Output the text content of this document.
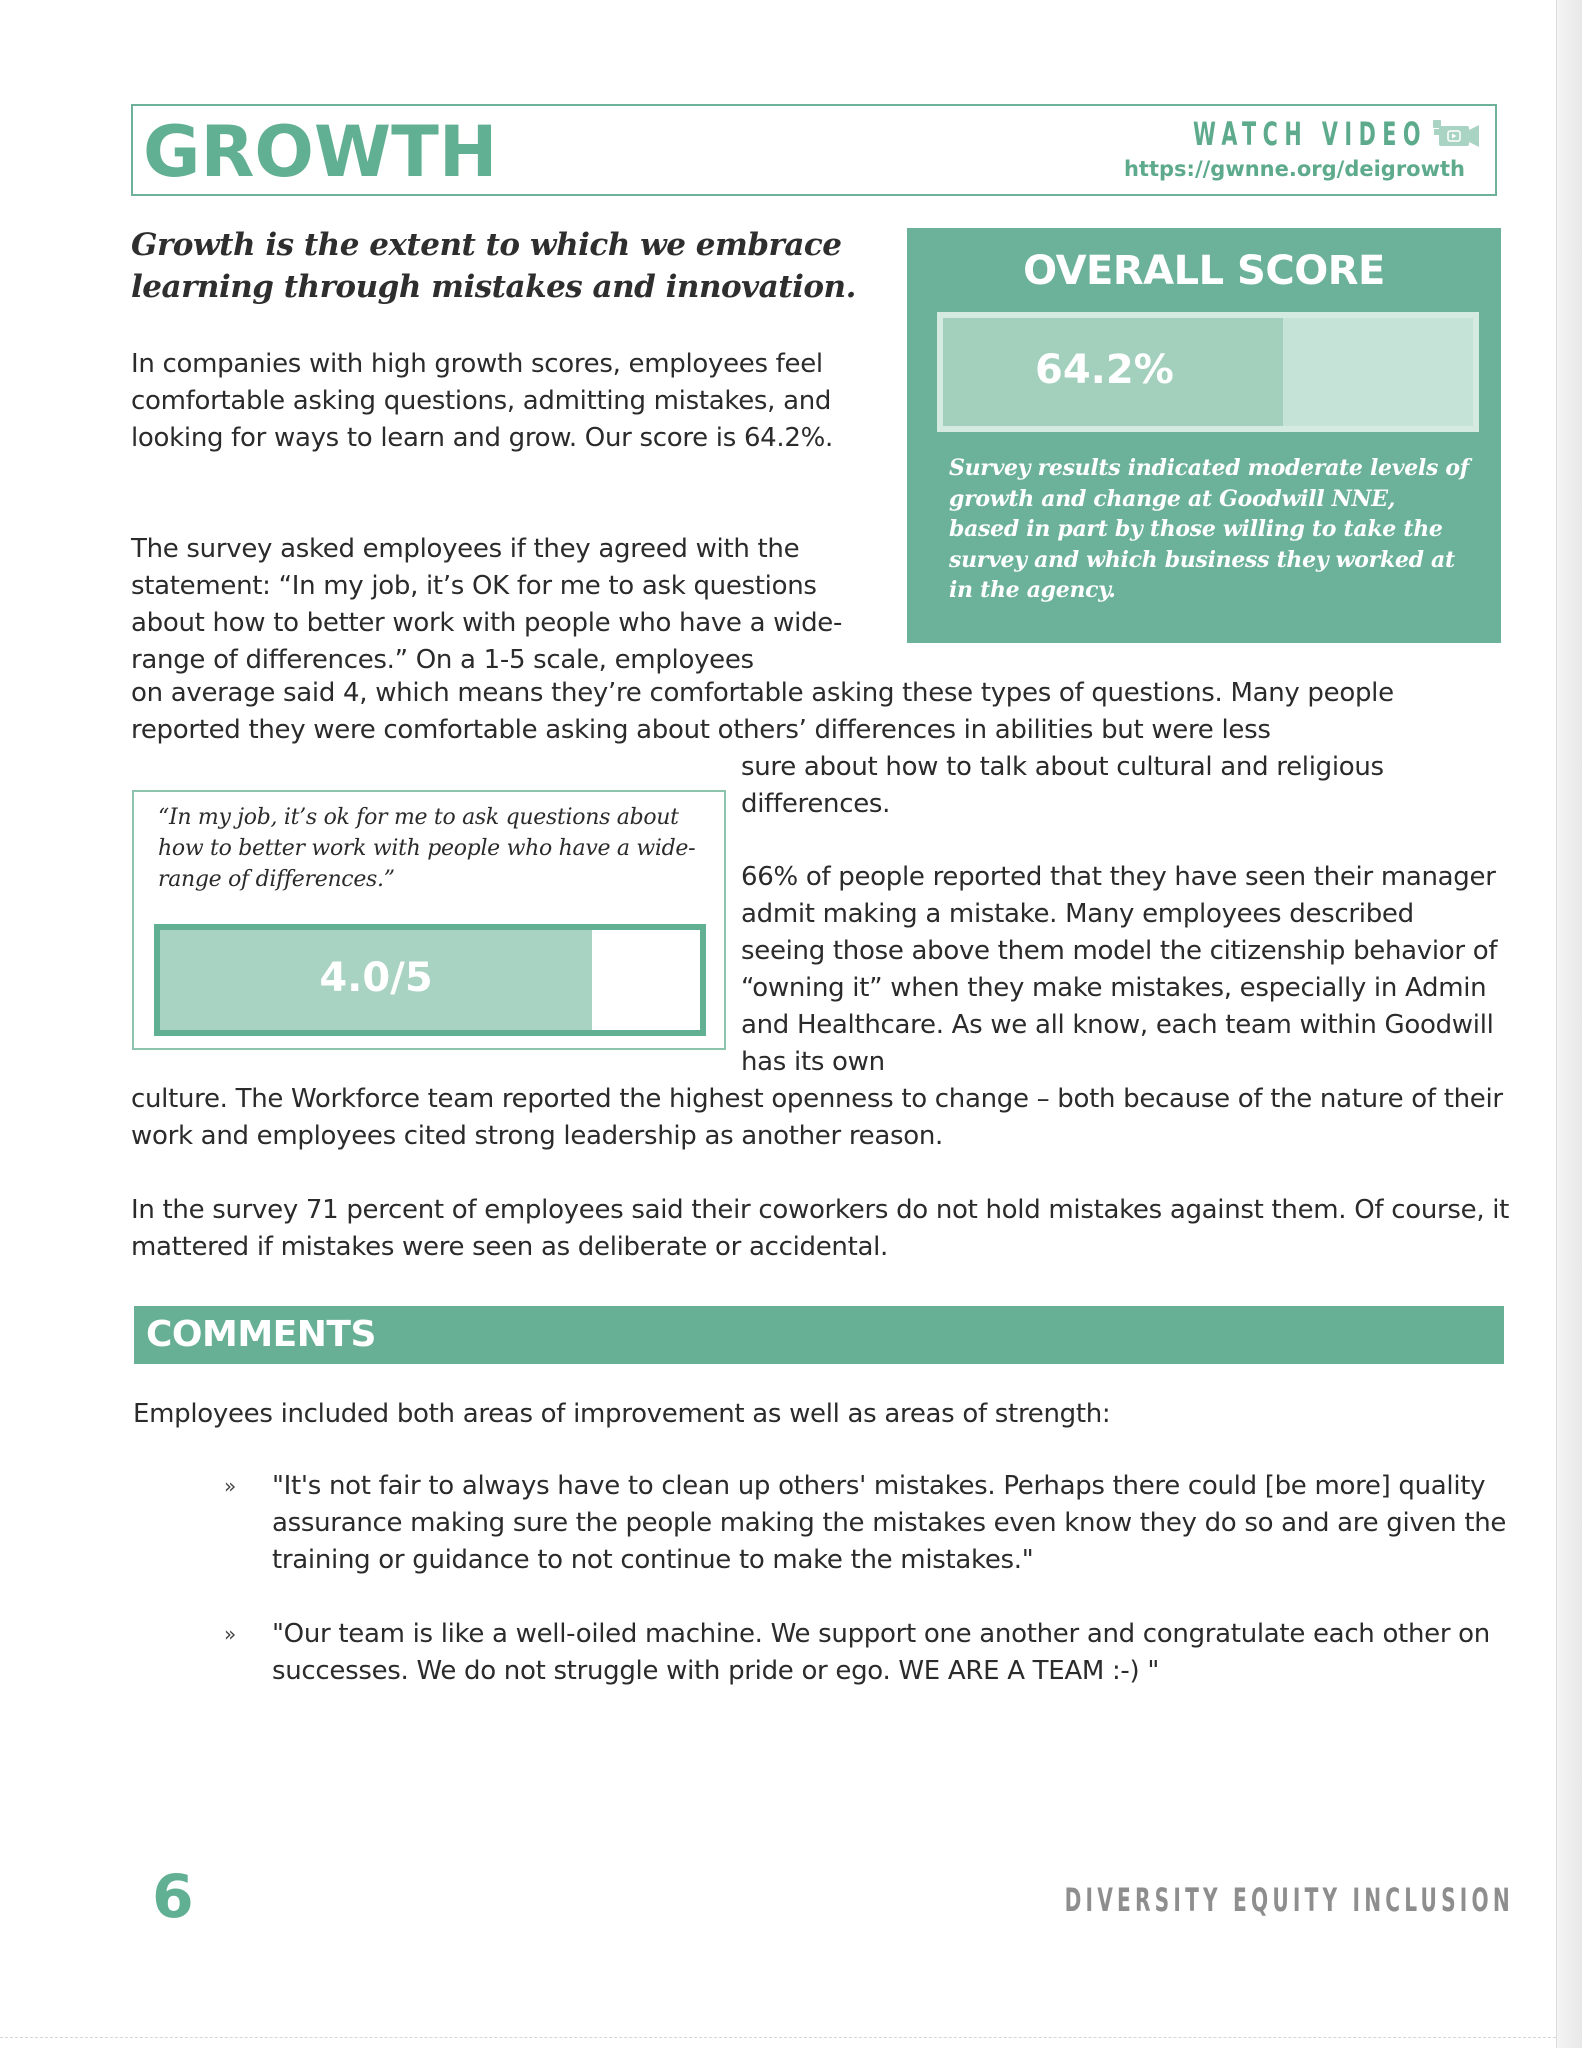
GROWTH	WATCH VIDEO
https://gwnne.org/deigrowth
Growth is the extent to which we embrace learning through mistakes and innovation.
In companies with high growth scores, employees feel comfortable asking questions, admitting mistakes, and looking for ways to learn and grow. Our score is 64.2%.
The survey asked employees if they agreed with the statement: “In my job, it’s OK for me to ask questions about how to better work with people who have a wide-range of differences.” On a 1-5 scale, employees
on average said 4, which means they’re comfortable asking these types of questions. Many people reported they were comfortable asking about others’ differences in abilities but were less
sure about how to talk about cultural and religious differences.
OVERALL SCORE
64.2%
Survey results indicated moderate levels of growth and change at Goodwill NNE, based in part by those willing to take the survey and which business they worked at in the agency.
“In my job, it’s ok for me to ask questions about how to better work with people who have a wide-range of differences.”
4.0/5
66% of people reported that they have seen their manager admit making a mistake. Many employees described seeing those above them model the citizenship behavior of “owning it” when they make mistakes, especially in Admin and Healthcare. As we all know, each team within Goodwill has its own
culture. The Workforce team reported the highest openness to change – both because of the nature of their work and employees cited strong leadership as another reason.
In the survey 71 percent of employees said their coworkers do not hold mistakes against them. Of course, it mattered if mistakes were seen as deliberate or accidental.
COMMENTS
Employees included both areas of improvement as well as areas of strength:
» "It's not fair to always have to clean up others' mistakes. Perhaps there could [be more] quality assurance making sure the people making the mistakes even know they do so and are given the training or guidance to not continue to make the mistakes."
» "Our team is like a well-oiled machine. We support one another and congratulate each other on successes. We do not struggle with pride or ego. WE ARE A TEAM :-) "
6	DIVERSITY EQUITY INCLUSION
